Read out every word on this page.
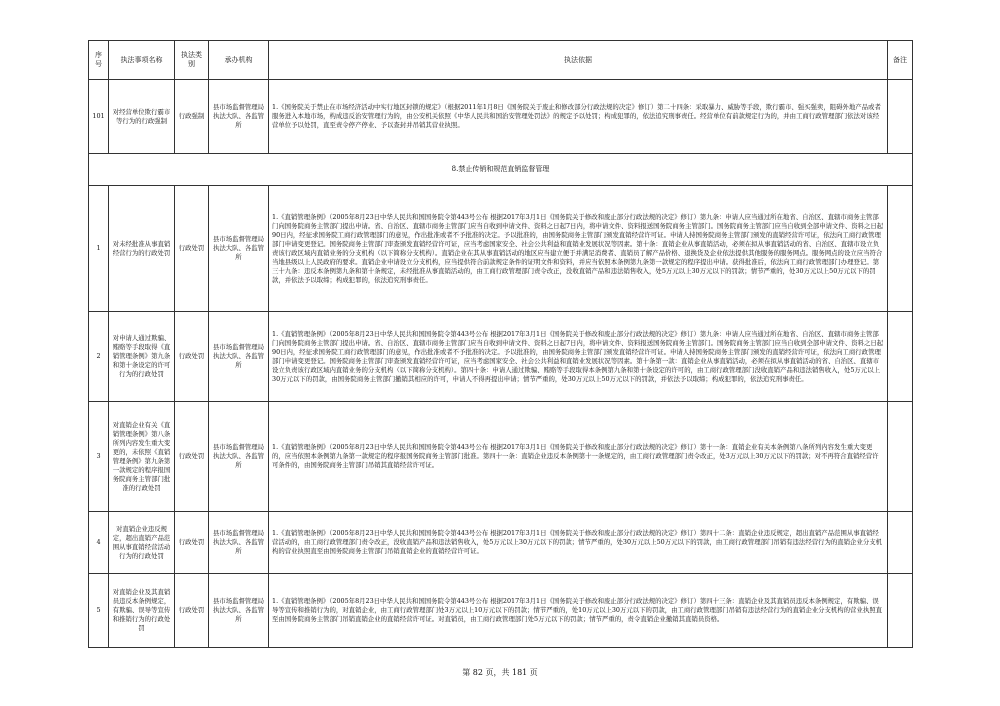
序号	执法事项名称	执法类别	承办机构	执法依据	备注
101	对经营单位欺行霸市等行为的行政强制	行政强制	县市场监督管理局执法大队、各监管所	1.《国务院关于禁止在市场经济活动中实行地区封锁的规定》（根据2011年1月8日《国务院关于废止和修改部分行政法规的决定》修订）第二十四条：采取暴力、威胁等手段，欺行霸市、强买强卖，阻碍外地产品或者服务进入本地市场，构成违反治安管理行为的，由公安机关依照《中华人民共和国治安管理处罚法》的规定予以处罚；构成犯罪的，依法追究刑事责任。经营单位有前款规定行为的，并由工商行政管理部门依法对该经营单位予以处罚，直至责令停产停业、予以查封并吊销其营业执照。	
8.禁止传销和规范直销监督管理					
1	对未经批准从事直销经营行为的行政处罚	行政处罚	县市场监督管理局执法大队、各监管所	1.《直销管理条例》（2005年8月23日中华人民共和国国务院令第443号公布 根据2017年3月1日《国务院关于修改和废止部分行政法规的决定》修订）第九条：申请人应当通过所在地省、自治区、直辖市商务主管部门向国务院商务主管部门提出申请。省、自治区、直辖市商务主管部门应当自收到申请文件、资料之日起7日内，将申请文件、资料报送国务院商务主管部门。国务院商务主管部门应当自收到全部申请文件、资料之日起90日内，经征求国务院工商行政管理部门的意见，作出批准或者不予批准的决定。予以批准的，由国务院商务主管部门颁发直销经营许可证。申请人持国务院商务主管部门颁发的直销经营许可证，依法向工商行政管理部门申请变更登记。国务院商务主管部门审查颁发直销经营许可证，应当考虑国家安全、社会公共利益和直销业发展状况等因素。第十条：直销企业从事直销活动，必须在拟从事直销活动的省、自治区、直辖市设立负责该行政区域内直销业务的分支机构（以下简称分支机构）。直销企业在其从事直销活动的地区应当建立便于并满足消费者、直销员了解产品价格、退换货及企业依法提供其他服务的服务网点。服务网点的设立应当符合当地县级以上人民政府的要求。直销企业申请设立分支机构，应当提供符合前款规定条件的证明文件和资料，并应当依照本条例第九条第一款规定的程序提出申请。获得批准后，依法向工商行政管理部门办理登记。第三十九条：违反本条例第九条和第十条规定，未经批准从事直销活动的，由工商行政管理部门责令改正，没收直销产品和违法销售收入，处5万元以上30万元以下的罚款；情节严重的，处30万元以上50万元以下的罚款，并依法予以取缔；构成犯罪的，依法追究刑事责任。	
2	对申请人通过欺骗、贿赂等手段取得《直销管理条例》第九条和第十条设定的许可行为的行政处罚	行政处罚	县市场监督管理局执法大队、各监管所	1.《直销管理条例》（2005年8月23日中华人民共和国国务院令第443号公布 根据2017年3月1日《国务院关于修改和废止部分行政法规的决定》修订）第九条：申请人应当通过所在地省、自治区、直辖市商务主管部门向国务院商务主管部门提出申请。省、自治区、直辖市商务主管部门应当自收到申请文件、资料之日起7日内，将申请文件、资料报送国务院商务主管部门。国务院商务主管部门应当自收到全部申请文件、资料之日起90日内，经征求国务院工商行政管理部门的意见，作出批准或者不予批准的决定。予以批准的，由国务院商务主管部门颁发直销经营许可证。申请人持国务院商务主管部门颁发的直销经营许可证，依法向工商行政管理部门申请变更登记。国务院商务主管部门审查颁发直销经营许可证，应当考虑国家安全、社会公共利益和直销业发展状况等因素。第十条第一款：直销企业从事直销活动，必须在拟从事直销活动的省、自治区、直辖市设立负责该行政区域内直销业务的分支机构（以下简称分支机构）。第四十条：申请人通过欺骗、贿赂等手段取得本条例第九条和第十条设定的许可的，由工商行政管理部门没收直销产品和违法销售收入，处5万元以上30万元以下的罚款，由国务院商务主管部门撤销其相应的许可，申请人不得再提出申请；情节严重的，处30万元以上50万元以下的罚款，并依法予以取缔；构成犯罪的，依法追究刑事责任。	
3	对直销企业有关《直销管理条例》第八条所列内容发生重大变更的，未依照《直销管理条例》第九条第一款规定的程序报国务院商务主管部门批准的行政处罚	行政处罚	县市场监督管理局执法大队、各监管所	1.《直销管理条例》（2005年8月23日中华人民共和国国务院令第443号公布 根据2017年3月1日《国务院关于修改和废止部分行政法规的决定》修订）第十一条：直销企业有关本条例第八条所列内容发生重大变更的，应当依照本条例第九条第一款规定的程序报国务院商务主管部门批准。第四十一条：直销企业违反本条例第十一条规定的，由工商行政管理部门责令改正，处3万元以上30万元以下的罚款；对不再符合直销经营许可条件的，由国务院商务主管部门吊销其直销经营许可证。	
4	对直销企业违反规定，超出直销产品范围从事直销经营活动行为的行政处罚	行政处罚	县市场监督管理局执法大队、各监管所	1.《直销管理条例》（2005年8月23日中华人民共和国国务院令第443号公布 根据2017年3月1日《国务院关于修改和废止部分行政法规的决定》修订）第四十二条：直销企业违反规定，超出直销产品范围从事直销经营活动的，由工商行政管理部门责令改正，没收直销产品和违法销售收入，处5万元以上30万元以下的罚款；情节严重的，处30万元以上50万元以下的罚款，由工商行政管理部门吊销有违法经营行为的直销企业分支机构的营业执照直至由国务院商务主管部门吊销直销企业的直销经营许可证。	
5	对直销企业及其直销员违反本条例规定，有欺骗、误导等宣传和推销行为的行政处罚	行政处罚	县市场监督管理局执法大队、各监管所	1.《直销管理条例》（2005年8月23日中华人民共和国国务院令第443号公布 根据2017年3月1日《国务院关于修改和废止部分行政法规的决定》修订）第四十三条：直销企业及其直销员违反本条例规定，有欺骗、误导等宣传和推销行为的，对直销企业，由工商行政管理部门处3万元以上10万元以下的罚款；情节严重的，处10万元以上30万元以下的罚款，由工商行政管理部门吊销有违法经营行为的直销企业分支机构的营业执照直至由国务院商务主管部门吊销直销企业的直销经营许可证。对直销员，由工商行政管理部门处5万元以下的罚款；情节严重的，责令直销企业撤销其直销员资格。	
第 82 页，共 181 页
